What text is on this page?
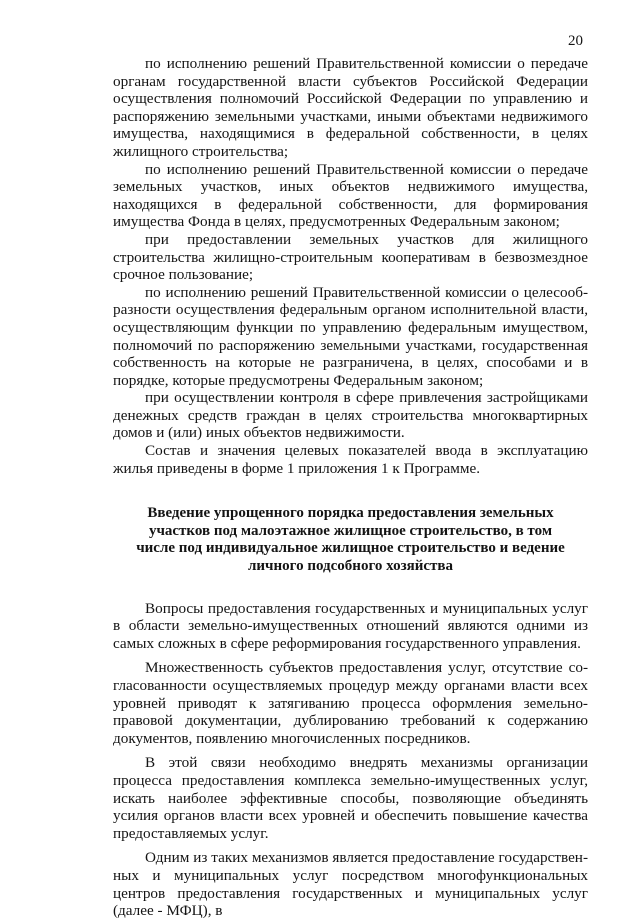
20

по исполнению решений Правительственной комиссии о передаче органам государственной власти субъектов Российской Федерации осуществления полномочий Российской Федерации по управлению и распоряжению земельными участками, иными объектами недвижимого имущества, находящимися в федеральной собственности, в целях жилищного строительства;

по исполнению решений Правительственной комиссии о передаче земельных участков, иных объектов недвижимого имущества, находящихся в федеральной собственности, для формирования имущества Фонда в целях, предусмотренных Федеральным законом;

при предоставлении земельных участков для жилищного строительства жилищно-строительным кооперативам в безвозмездное срочное пользование;

по исполнению решений Правительственной комиссии о целесообразности осуществления федеральным органом исполнительной власти, осуществляющим функции по управлению федеральным имуществом, полномочий по распоряжению земельными участками, государственная собственность на которые не разграничена, в целях, способами и в порядке, которые предусмотрены Федеральным законом;

при осуществлении контроля в сфере привлечения застройщиками денежных средств граждан в целях строительства многоквартирных домов и (или) иных объектов недвижимости.

Состав и значения целевых показателей ввода в эксплуатацию жилья приведены в форме 1 приложения 1 к Программе.

Введение упрощенного порядка предоставления земельных участков под малоэтажное жилищное строительство, в том числе под индивидуальное жилищное строительство и ведение личного подсобного хозяйства

Вопросы предоставления государственных и муниципальных услуг в области земельно-имущественных отношений являются одними из самых сложных в сфере реформирования государственного управления.

Множественность субъектов предоставления услуг, отсутствие согласованности осуществляемых процедур между органами власти всех уровней приводят к затягиванию процесса оформления земельно-правовой документации, дублированию требований к содержанию документов, появлению многочисленных посредников.

В этой связи необходимо внедрять механизмы организации процесса предоставления комплекса земельно-имущественных услуг, искать наиболее эффективные способы, позволяющие объединять усилия органов власти всех уровней и обеспечить повышение качества предоставляемых услуг.

Одним из таких механизмов является предоставление государственных и муниципальных услуг посредством многофункциональных центров предоставления государственных и муниципальных услуг (далее - МФЦ), в
